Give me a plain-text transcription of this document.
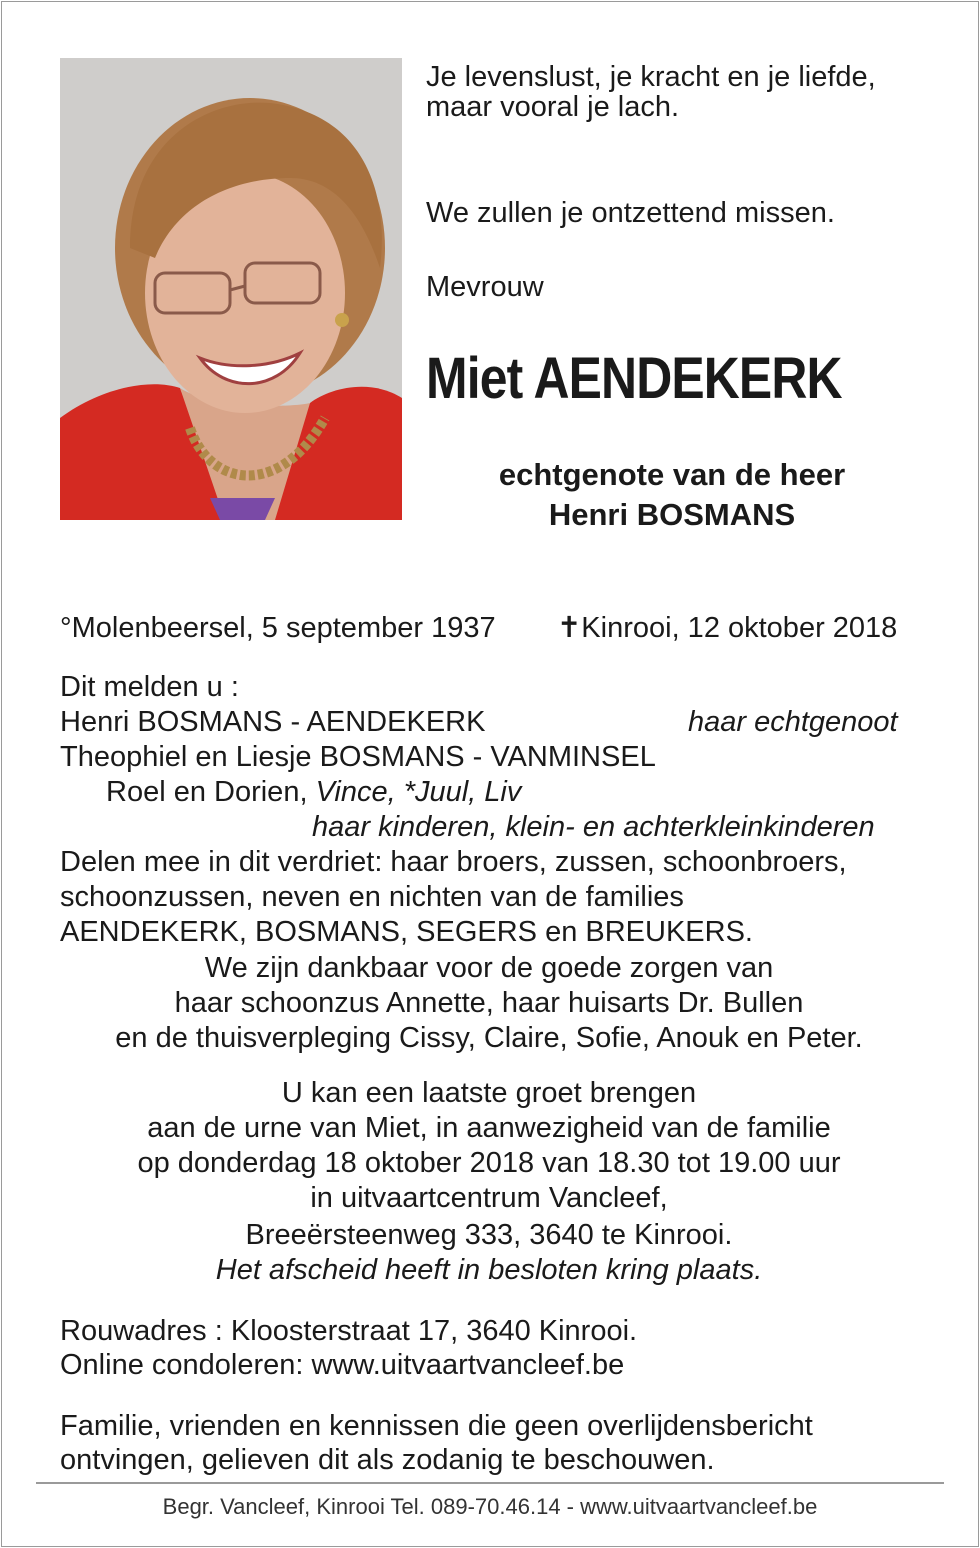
Je levenslust, je kracht en je liefde,
maar vooral je lach.
We zullen je ontzettend missen.
Mevrouw
Miet AENDEKERK
echtgenote van de heer
Henri BOSMANS
°Molenbeersel, 5 september 1937 ✝Kinrooi, 12 oktober 2018
Dit melden u :
Henri BOSMANS - AENDEKERK	haar echtgenoot
Theophiel en Liesje BOSMANS - VANMINSEL
Roel en Dorien, Vince, *Juul, Liv
haar kinderen, klein- en achterkleinkinderen
Delen mee in dit verdriet: haar broers, zussen, schoonbroers,
schoonzussen, neven en nichten van de families
AENDEKERK, BOSMANS, SEGERS en BREUKERS.
We zijn dankbaar voor de goede zorgen van
haar schoonzus Annette, haar huisarts Dr. Bullen
en de thuisverpleging Cissy, Claire, Sofie, Anouk en Peter.
U kan een laatste groet brengen
aan de urne van Miet, in aanwezigheid van de familie
op donderdag 18 oktober 2018 van 18.30 tot 19.00 uur
in uitvaartcentrum Vancleef,
Breeërsteenweg 333, 3640 te Kinrooi.
Het afscheid heeft in besloten kring plaats.
Rouwadres : Kloosterstraat 17, 3640 Kinrooi.
Online condoleren: www.uitvaartvancleef.be
Familie, vrienden en kennissen die geen overlijdensbericht
ontvingen, gelieven dit als zodanig te beschouwen.
Begr. Vancleef, Kinrooi Tel. 089-70.46.14 - www.uitvaartvancleef.be
